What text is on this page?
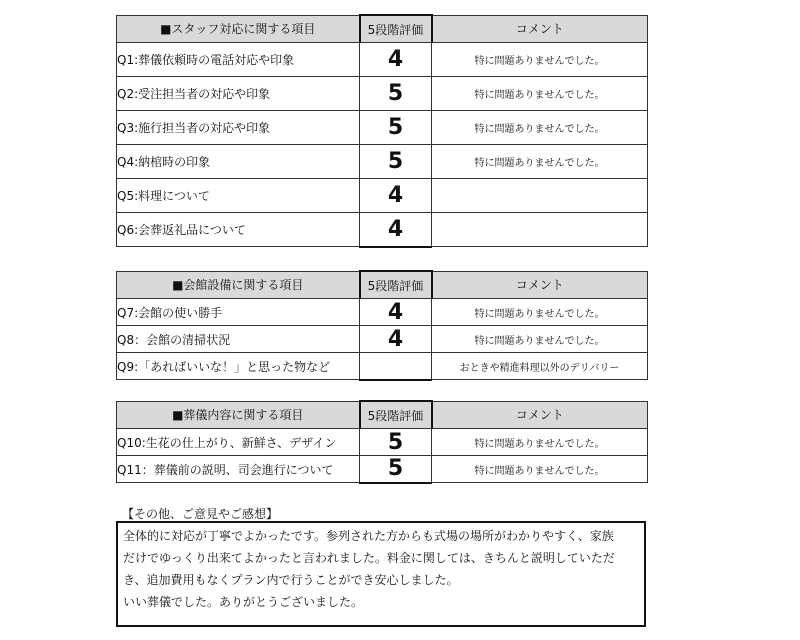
■スタッフ対応に関する項目	5段階評価	コメント
Q1:葬儀依頼時の電話対応や印象	4	特に問題ありませんでした。
Q2:受注担当者の対応や印象	5	特に問題ありませんでした。
Q3:施行担当者の対応や印象	5	特に問題ありませんでした。
Q4:納棺時の印象	5	特に問題ありませんでした。
Q5:料理について	4	
Q6:会葬返礼品について	4	
■会館設備に関する項目	5段階評価	コメント
Q7:会館の使い勝手	4	特に問題ありませんでした。
Q8：会館の清掃状況	4	特に問題ありませんでした。
Q9:「あればいいな！」と思った物など		おときや精進料理以外のデリバリー
■葬儀内容に関する項目	5段階評価	コメント
Q10:生花の仕上がり、新鮮さ、デザイン	5	特に問題ありませんでした。
Q11：葬儀前の説明、司会進行について	5	特に問題ありませんでした。
【その他、ご意見やご感想】

全体的に対応が丁寧でよかったです。参列された方からも式場の場所がわかりやすく、家族

だけでゆっくり出来てよかったと言われました。料金に関しては、きちんと説明していただ

き、追加費用もなくプラン内で行うことができ安心しました。

いい葬儀でした。ありがとうございました。
